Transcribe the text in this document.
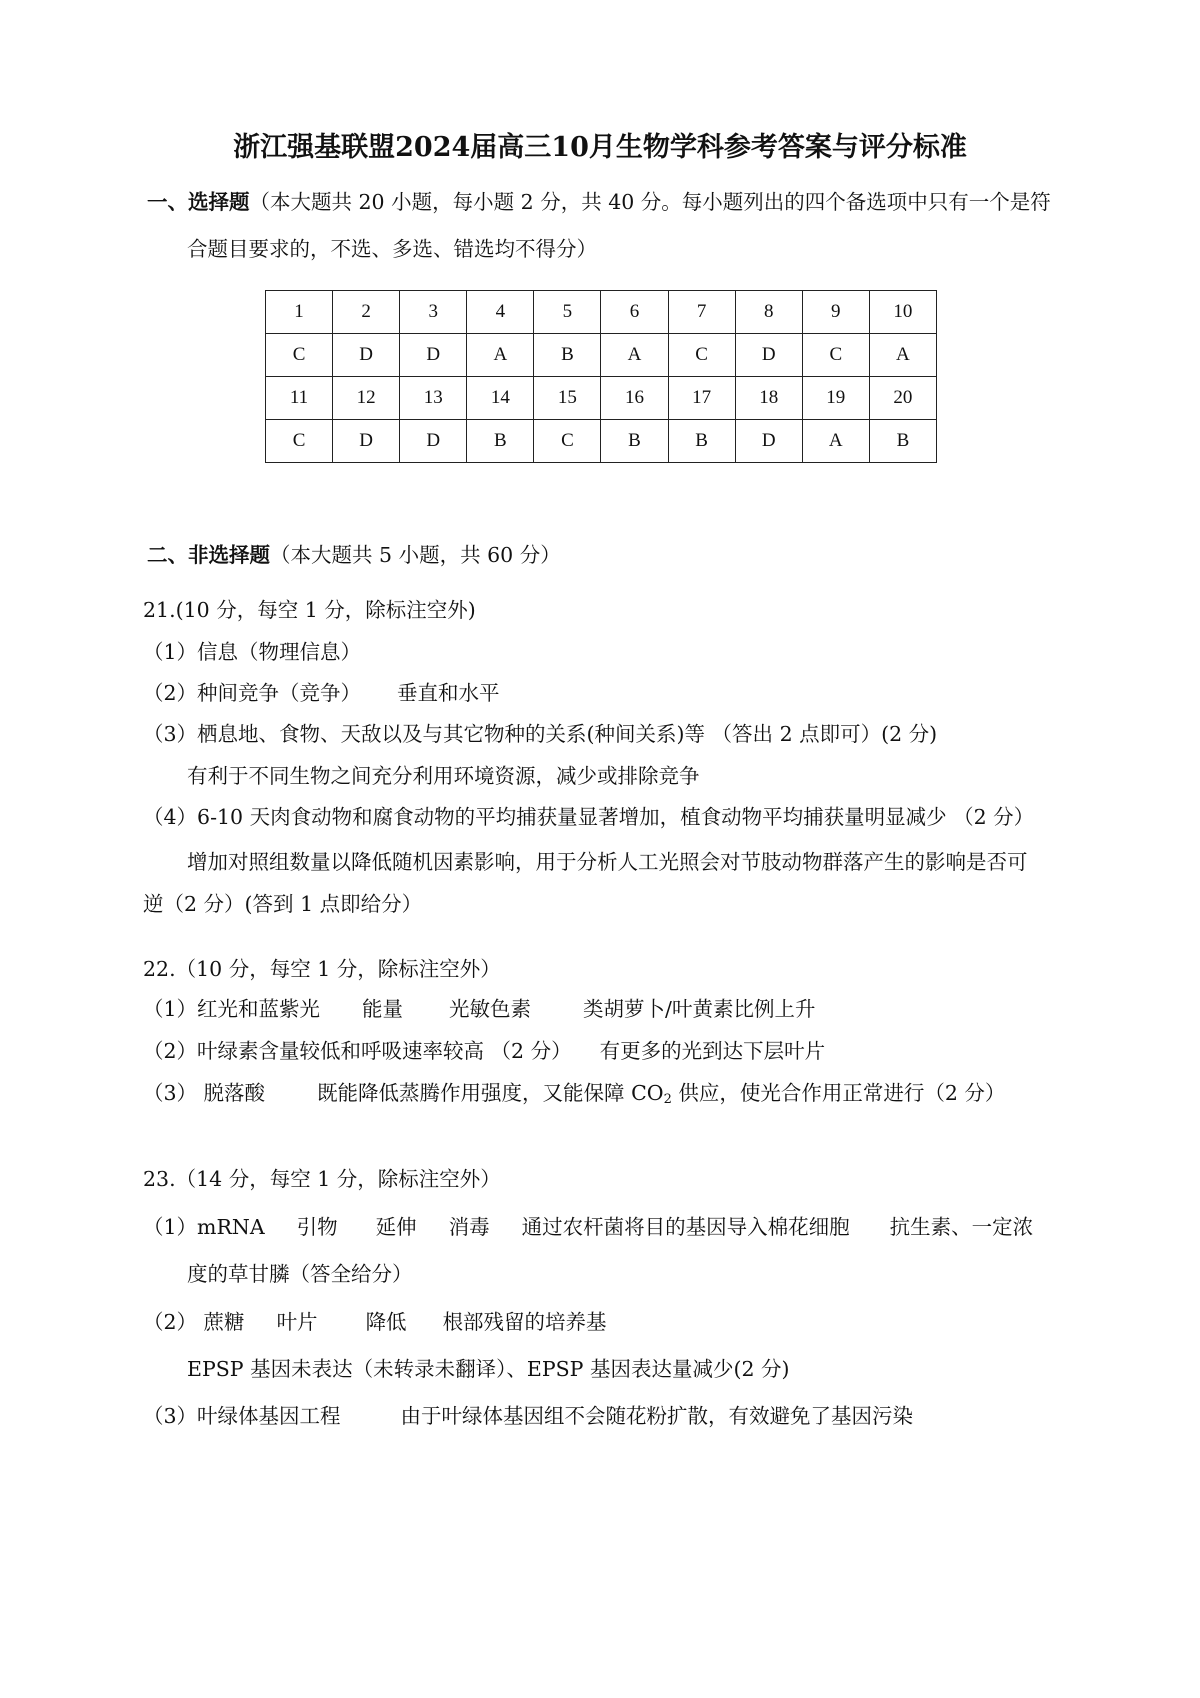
浙江强基联盟2024届高三10月生物学科参考答案与评分标准
一、选择题（本大题共 20 小题，每小题 2 分，共 40 分。每小题列出的四个备选项中只有一个是符
合题目要求的，不选、多选、错选均不得分）
1	2	3	4	5	6	7	8	9	10
C	D	D	A	B	A	C	D	C	A
11	12	13	14	15	16	17	18	19	20
C	D	D	B	C	B	B	D	A	B
二、非选择题（本大题共 5 小题，共 60 分）
21.(10 分，每空 1 分，除标注空外)
（1）信息（物理信息）
（2）种间竞争（竞争） 垂直和水平
（3）栖息地、食物、天敌以及与其它物种的关系(种间关系)等 （答出 2 点即可）(2 分)
有利于不同生物之间充分利用环境资源，减少或排除竞争
（4）6-10 天肉食动物和腐食动物的平均捕获量显著增加，植食动物平均捕获量明显减少 （2 分）
增加对照组数量以降低随机因素影响，用于分析人工光照会对节肢动物群落产生的影响是否可
逆（2 分）(答到 1 点即给分）
22.（10 分，每空 1 分，除标注空外）
（1）红光和蓝紫光 能量 光敏色素	类胡萝卜/叶黄素比例上升
（2）叶绿素含量较低和呼吸速率较高 （2 分） 有更多的光到达下层叶片
（3） 脱落酸	既能降低蒸腾作用强度，又能保障 $CO_2$ 供应，使光合作用正常进行（2 分）
23.（14 分，每空 1 分，除标注空外）
（1）mRNA 引物 延伸 消毒 通过农杆菌将目的基因导入棉花细胞 抗生素、一定浓
度的草甘膦（答全给分）
（2） 蔗糖 叶片 降低 根部残留的培养基
EPSP 基因未表达（未转录未翻译）、EPSP 基因表达量减少(2 分)
（3）叶绿体基因工程	由于叶绿体基因组不会随花粉扩散，有效避免了基因污染
